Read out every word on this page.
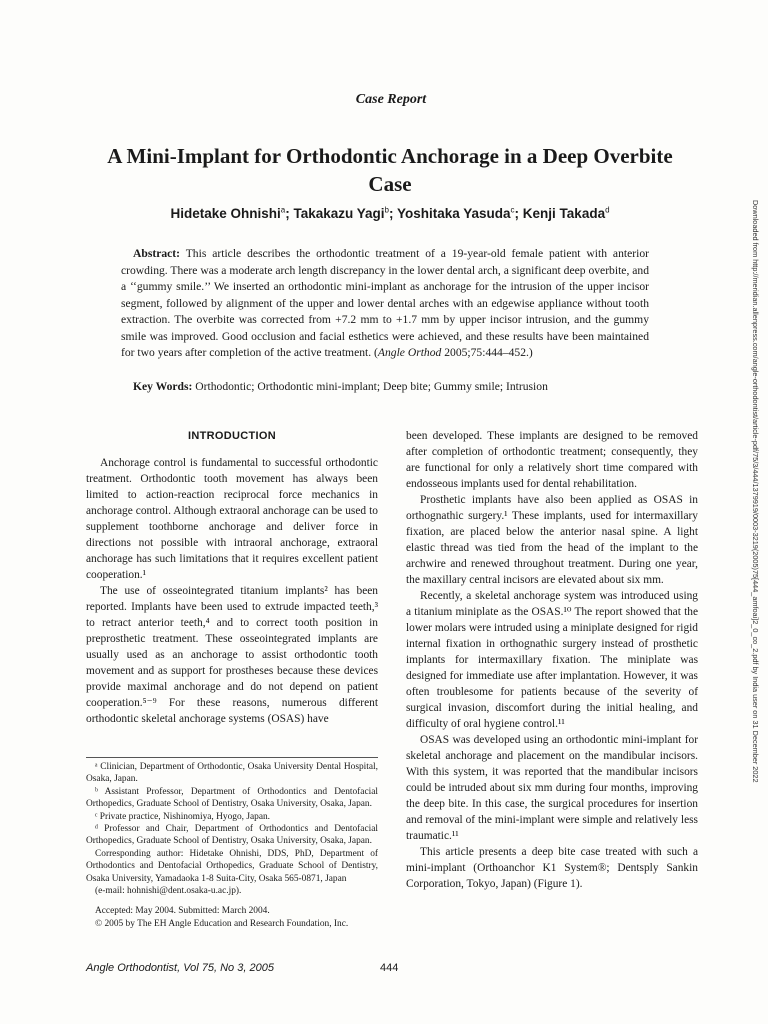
Case Report
A Mini-Implant for Orthodontic Anchorage in a Deep Overbite Case
Hidetake Ohnishi$^a$; Takakazu Yagi$^b$; Yoshitaka Yasuda$^c$; Kenji Takada$^d$
Abstract: This article describes the orthodontic treatment of a 19-year-old female patient with anterior crowding. There was a moderate arch length discrepancy in the lower dental arch, a significant deep overbite, and a ‘‘gummy smile.’’ We inserted an orthodontic mini-implant as anchorage for the intrusion of the upper incisor segment, followed by alignment of the upper and lower dental arches with an edgewise appliance without tooth extraction. The overbite was corrected from +7.2 mm to +1.7 mm by upper incisor intrusion, and the gummy smile was improved. Good occlusion and facial esthetics were achieved, and these results have been maintained for two years after completion of the active treatment. (Angle Orthod 2005;75:444–452.)
Key Words: Orthodontic; Orthodontic mini-implant; Deep bite; Gummy smile; Intrusion
INTRODUCTION

Anchorage control is fundamental to successful orthodontic treatment. Orthodontic tooth movement has always been limited to action-reaction reciprocal force mechanics in anchorage control. Although extraoral anchorage can be used to supplement toothborne anchorage and deliver force in directions not possible with intraoral anchorage, extraoral anchorage has such limitations that it requires excellent patient cooperation.¹

The use of osseointegrated titanium implants² has been reported. Implants have been used to extrude impacted teeth,³ to retract anterior teeth,⁴ and to correct tooth position in preprosthetic treatment. These osseointegrated implants are usually used as an anchorage to assist orthodontic tooth movement and as support for prostheses because these devices provide maximal anchorage and do not depend on patient cooperation.⁵⁻⁹ For these reasons, numerous different orthodontic skeletal anchorage systems (OSAS) have

been developed. These implants are designed to be removed after completion of orthodontic treatment; consequently, they are functional for only a relatively short time compared with endosseous implants used for dental rehabilitation.

Prosthetic implants have also been applied as OSAS in orthognathic surgery.¹ These implants, used for intermaxillary fixation, are placed below the anterior nasal spine. A light elastic thread was tied from the head of the implant to the archwire and renewed throughout treatment. During one year, the maxillary central incisors are elevated about six mm.

Recently, a skeletal anchorage system was introduced using a titanium miniplate as the OSAS.¹⁰ The report showed that the lower molars were intruded using a miniplate designed for rigid internal fixation in orthognathic surgery instead of prosthetic implants for intermaxillary fixation. The miniplate was designed for immediate use after implantation. However, it was often troublesome for patients because of the severity of surgical invasion, discomfort during the initial healing, and difficulty of oral hygiene control.¹¹

OSAS was developed using an orthodontic mini-implant for skeletal anchorage and placement on the mandibular incisors. With this system, it was reported that the mandibular incisors could be intruded about six mm during four months, improving the deep bite. In this case, the surgical procedures for insertion and removal of the mini-implant were simple and relatively less traumatic.¹¹

This article presents a deep bite case treated with such a mini-implant (Orthoanchor K1 System®; Dentsply Sankin Corporation, Tokyo, Japan) (Figure 1).

ᵃ Clinician, Department of Orthodontic, Osaka University Dental Hospital, Osaka, Japan.
ᵇ Assistant Professor, Department of Orthodontics and Dentofacial Orthopedics, Graduate School of Dentistry, Osaka University, Osaka, Japan.
ᶜ Private practice, Nishinomiya, Hyogo, Japan.
ᵈ Professor and Chair, Department of Orthodontics and Dentofacial Orthopedics, Graduate School of Dentistry, Osaka University, Osaka, Japan.
Corresponding author: Hidetake Ohnishi, DDS, PhD, Department of Orthodontics and Dentofacial Orthopedics, Graduate School of Dentistry, Osaka University, Yamadaoka 1-8 Suita-City, Osaka 565-0871, Japan
(e-mail: hohnishi@dent.osaka-u.ac.jp).
Accepted: May 2004. Submitted: March 2004.
© 2005 by The EH Angle Education and Research Foundation, Inc.
Angle Orthodontist, Vol 75, No 3, 2005	444
Downloaded from http://meridian.allenpress.com/angle-orthodontist/article-pdf/75/3/444/1379919/0003-3219(2005)75[444_amfoai]2_0_co_2.pdf by India user on 31 December 2022
